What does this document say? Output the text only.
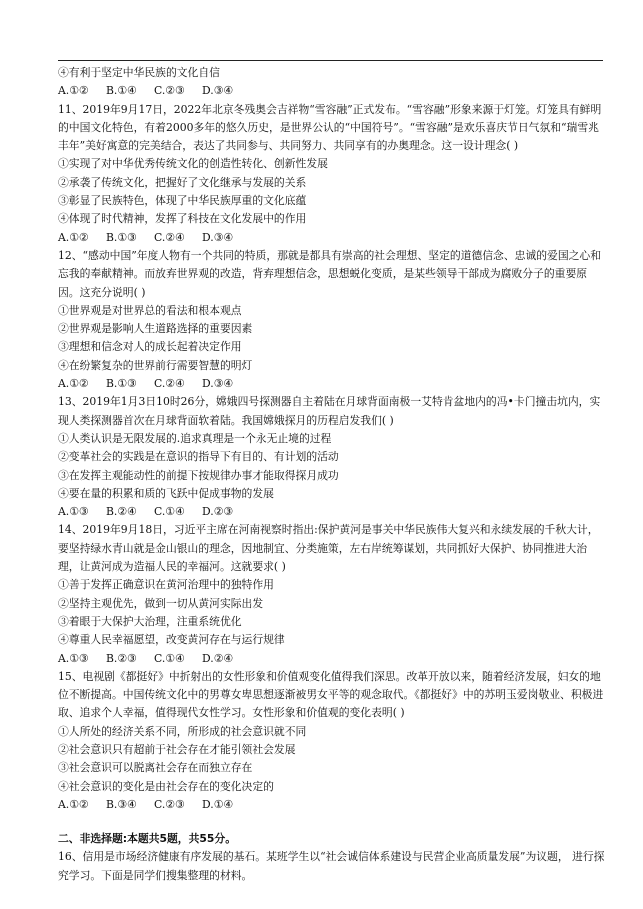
④有利于坚定中华民族的文化自信
A.①②	B.①④	C.②③	D.③④
11、2019年9月17日，2022年北京冬残奥会吉祥物“雪容融”正式发布。“雪容融”形象来源于灯笼。灯笼具有鲜明的中国文化特色，有着2000多年的悠久历史，是世界公认的“中国符号”。“雪容融”是欢乐喜庆节日气氛和“瑞雪兆丰年”美好寓意的完美结合，表达了共同参与、共同努力、共同享有的办奥理念。这一设计理念( )
①实现了对中华优秀传统文化的创造性转化、创新性发展
②承袭了传统文化，把握好了文化继承与发展的关系
③彰显了民族特色，体现了中华民族厚重的文化底蕴
④体现了时代精神，发挥了科技在文化发展中的作用
A.①②	B.①③	C.②④	D.③④
12、“感动中国”年度人物有一个共同的特质，那就是都具有崇高的社会理想、坚定的道德信念、忠诚的爱国之心和忘我的奉献精神。而放弃世界观的改造，背弃理想信念，思想蜕化变质，是某些领导干部成为腐败分子的重要原因。这充分说明( )
①世界观是对世界总的看法和根本观点
②世界观是影响人生道路选择的重要因素
③理想和信念对人的成长起着决定作用
④在纷繁复杂的世界前行需要智慧的明灯
A.①②	B.①③	C.②④	D.③④
13、2019年1月3日10时26分，嫦娥四号探测器自主着陆在月球背面南极一艾特肯盆地内的冯•卡门撞击坑内，实现人类探测器首次在月球背面软着陆。我国嫦娥探月的历程启发我们( )
①人类认识是无限发展的.追求真理是一个永无止境的过程
②变革社会的实践是在意识的指导下有目的、有计划的活动
③在发挥主观能动性的前提下按规律办事才能取得探月成功
④要在量的积累和质的飞跃中促成事物的发展
A.①③	B.②④	C.①④	D.②③
14、2019年9月18日，习近平主席在河南视察时指出:保护黄河是事关中华民族伟大复兴和永续发展的千秋大计，要坚持绿水青山就是金山银山的理念，因地制宜、分类施策，左右岸统筹谋划，共同抓好大保护、协同推进大治理，让黄河成为造福人民的幸福河。这就要求( )
①善于发挥正确意识在黄河治理中的独特作用
②坚持主观优先，做到一切从黄河实际出发
③着眼于大保护大治理，注重系统优化
④尊重人民幸福愿望，改变黄河存在与运行规律
A.①③	B.②③	C.①④	D.②④
15、电视剧《都挺好》中折射出的女性形象和价值观变化值得我们深思。改革开放以来，随着经济发展，妇女的地位不断提高。中国传统文化中的男尊女卑思想逐渐被男女平等的观念取代。《都挺好》中的苏明玉爱岗敬业、积极进取、追求个人幸福，值得现代女性学习。女性形象和价值观的变化表明( )
①人所处的经济关系不同，所形成的社会意识就不同
②社会意识只有超前于社会存在才能引领社会发展
③社会意识可以脱离社会存在而独立存在
④社会意识的变化是由社会存在的变化决定的
A.①②	B.③④	C.②③	D.①④
二、非选择题:本题共5题，共55分。
16、信用是市场经济健康有序发展的基石。某班学生以“社会诚信体系建设与民营企业高质量发展”为议题， 进行探究学习。下面是同学们搜集整理的材料。
